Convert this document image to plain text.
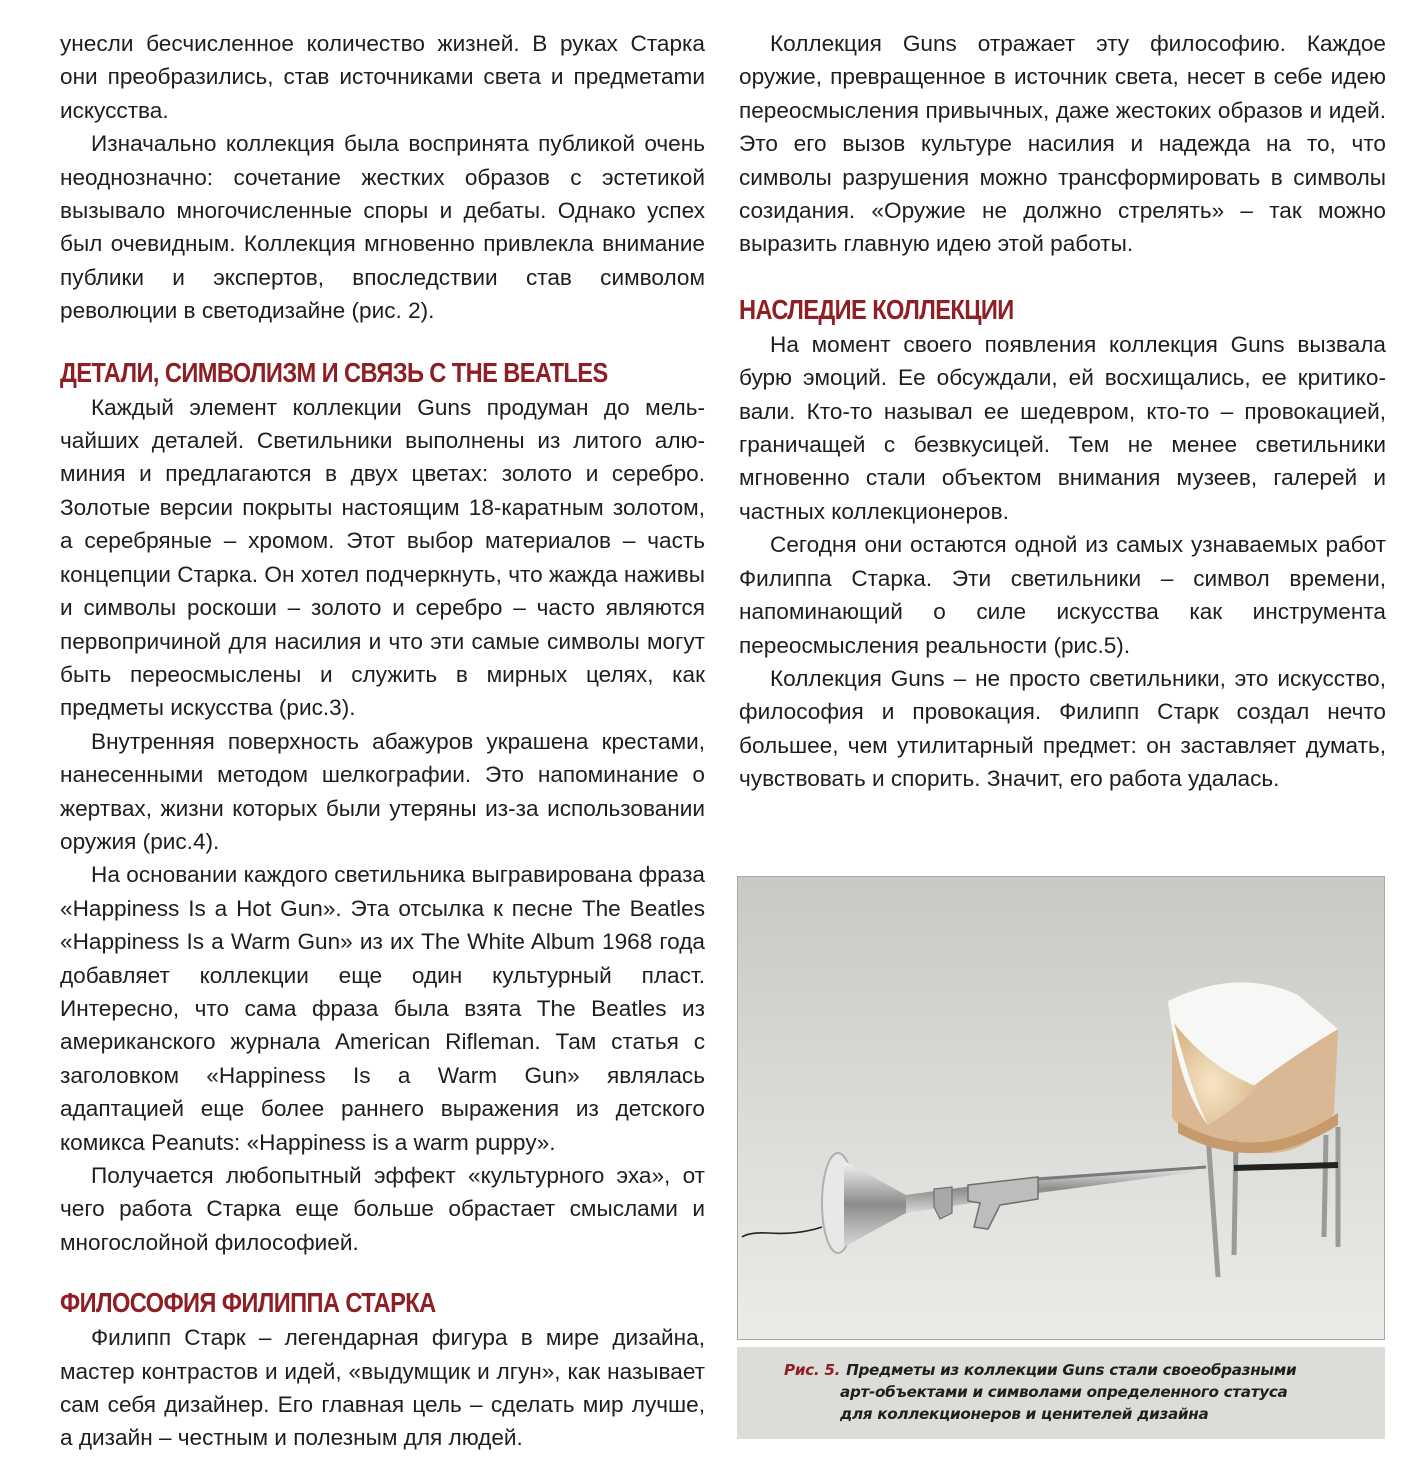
унесли бесчисленное количество жизней. В руках Старка они преобразились, став источниками света и предметаmи искусства.

Изначально коллекция была воспринята публикой очень неоднозначно: сочетание жестких образов с эстетикой вызывало многочисленные споры и дебаты. Однако успех был очевидным. Коллекция мгновенно привлекла внимание публики и экспертов, впоследствии став символом революции в светодизайне (рис. 2).

ДЕТАЛИ, СИМВОЛИЗМ И СВЯЗЬ С THE BEATLES

Каждый элемент коллекции Guns продуман до мельчайших деталей. Светильники выполнены из литого алюминия и предлагаются в двух цветах: золото и серебро. Золотые версии покрыты настоящим 18-каратным золотом, а серебряные – хромом. Этот выбор материалов – часть концепции Старка. Он хотел подчеркнуть, что жажда наживы и символы роскоши – золото и серебро – часто являются первопричиной для насилия и что эти самые символы могут быть переосмыслены и служить в мирных целях, как предметы искусства (рис.3).

Внутренняя поверхность абажуров украшена крестами, нанесенными методом шелкографии. Это напоминание о жертвах, жизни которых были утеряны из-за использовании оружия (рис.4).

На основании каждого светильника выгравирована фраза «Happiness Is a Hot Gun». Эта отсылка к песне The Beatles «Happiness Is a Warm Gun» из их The White Album 1968 года добавляет коллекции еще один культурный пласт. Интересно, что сама фраза была взята The Beatles из американского журнала American Rifleman. Там статья с заголовком «Happiness Is a Warm Gun» являлась адаптацией еще более раннего выражения из детского комикса Peanuts: «Happiness is a warm puppy».

Получается любопытный эффект «культурного эха», от чего работа Старка еще больше обрастает смыслами и многослойной философией.

ФИЛОСОФИЯ ФИЛИППА СТАРКА

Филипп Старк – легендарная фигура в мире дизайна, мастер контрастов и идей, «выдумщик и лгун», как называет сам себя дизайнер. Его главная цель – сделать мир лучше, а дизайн – честным и полезным для людей.

Коллекция Guns отражает эту философию. Каждое оружие, превращенное в источник света, несет в себе идею переосмысления привычных, даже жестоких образов и идей. Это его вызов культуре насилия и надежда на то, что символы разрушения можно трансформировать в символы созидания. «Оружие не должно стрелять» – так можно выразить главную идею этой работы.

НАСЛЕДИЕ КОЛЛЕКЦИИ

На момент своего появления коллекция Guns вызвала бурю эмоций. Ее обсуждали, ей восхищались, ее критиковали. Кто-то называл ее шедевром, кто-то – провокацией, граничащей с безвкусицей. Тем не менее светильники мгновенно стали объектом внимания музеев, галерей и частных коллекционеров.

Сегодня они остаются одной из самых узнаваемых работ Филиппа Старка. Эти светильники – символ времени, напоминающий о силе искусства как инструмента переосмысления реальности (рис.5).

Коллекция Guns – не просто светильники, это искусство, философия и провокация. Филипп Старк создал нечто большее, чем утилитарный предмет: он заставляет думать, чувствовать и спорить. Значит, его работа удалась.

Рис. 5. Предметы из коллекции Guns стали своеобразными
арт-объектами и символами определенного статуса
для коллекционеров и ценителей дизайна
